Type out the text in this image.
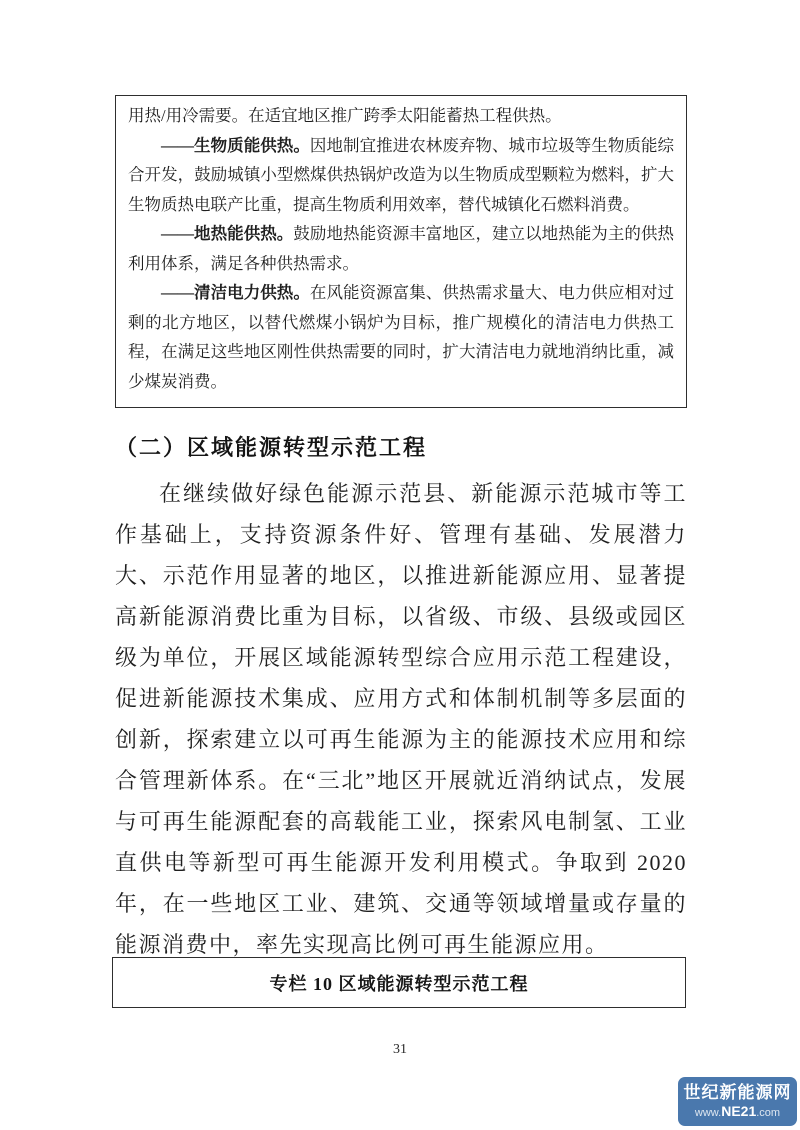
用热/用冷需要。在适宜地区推广跨季太阳能蓄热工程供热。

——生物质能供热。因地制宜推进农林废弃物、城市垃圾等生物质能综合开发，鼓励城镇小型燃煤供热锅炉改造为以生物质成型颗粒为燃料，扩大生物质热电联产比重，提高生物质利用效率，替代城镇化石燃料消费。

——地热能供热。鼓励地热能资源丰富地区，建立以地热能为主的供热利用体系，满足各种供热需求。

——清洁电力供热。在风能资源富集、供热需求量大、电力供应相对过剩的北方地区，以替代燃煤小锅炉为目标，推广规模化的清洁电力供热工程，在满足这些地区刚性供热需要的同时，扩大清洁电力就地消纳比重，减少煤炭消费。

（二）区域能源转型示范工程

在继续做好绿色能源示范县、新能源示范城市等工作基础上，支持资源条件好、管理有基础、发展潜力大、示范作用显著的地区，以推进新能源应用、显著提高新能源消费比重为目标，以省级、市级、县级或园区级为单位，开展区域能源转型综合应用示范工程建设，促进新能源技术集成、应用方式和体制机制等多层面的创新，探索建立以可再生能源为主的能源技术应用和综合管理新体系。在“三北”地区开展就近消纳试点，发展与可再生能源配套的高载能工业，探索风电制氢、工业直供电等新型可再生能源开发利用模式。争取到 2020 年，在一些地区工业、建筑、交通等领域增量或存量的能源消费中，率先实现高比例可再生能源应用。

专栏 10 区域能源转型示范工程
31
世纪新能源网
www.NE21.com
